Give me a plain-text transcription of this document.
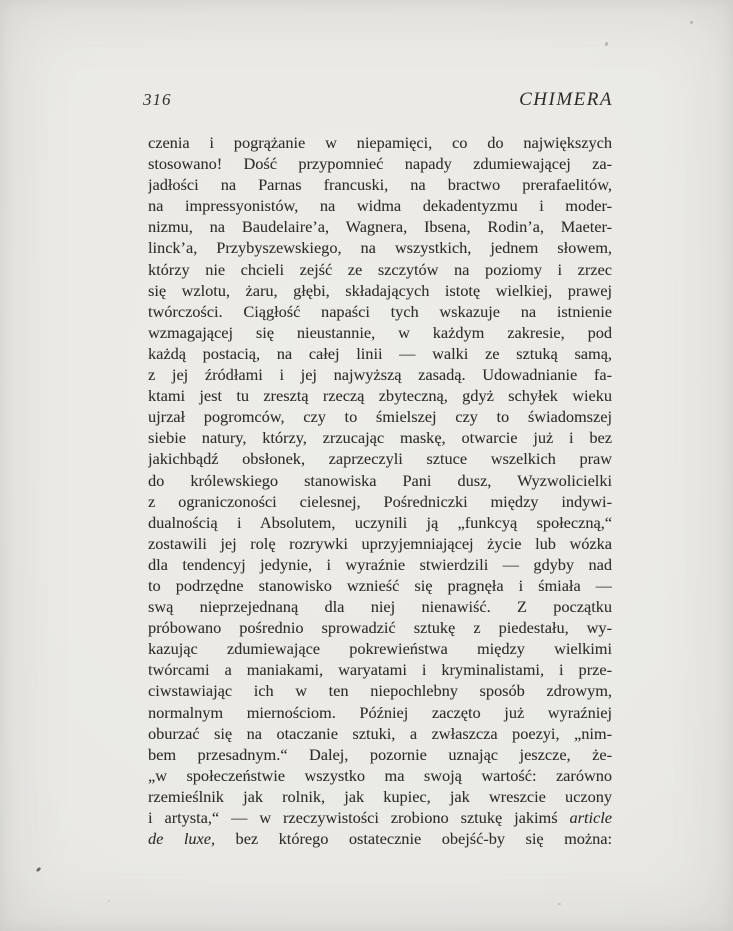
316	CHIMERA
czenia i pogrążanie w niepamięci, co do największych
stosowano! Dość przypomnieć napady zdumiewającej za-
jadłości na Parnas francuski, na bractwo prerafaelitów,
na impressyonistów, na widma dekadentyzmu i moder-
nizmu, na Baudelaire’a, Wagnera, Ibsena, Rodin’a, Maeter-
linck’a, Przybyszewskiego, na wszystkich, jednem słowem,
którzy nie chcieli zejść ze szczytów na poziomy i zrzec
się wzlotu, żaru, głębi, składających istotę wielkiej, prawej
twórczości. Ciągłość napaści tych wskazuje na istnienie
wzmagającej się nieustannie, w każdym zakresie, pod
każdą postacią, na całej linii — walki ze sztuką samą,
z jej źródłami i jej najwyższą zasadą. Udowadnianie fa-
ktami jest tu zresztą rzeczą zbyteczną, gdyż schyłek wieku
ujrzał pogromców, czy to śmielszej czy to świadomszej
siebie natury, którzy, zrzucając maskę, otwarcie już i bez
jakichbądź obsłonek, zaprzeczyli sztuce wszelkich praw
do królewskiego stanowiska Pani dusz, Wyzwolicielki
z ograniczoności cielesnej, Pośredniczki między indywi-
dualnością i Absolutem, uczynili ją „funkcyą społeczną,“
zostawili jej rolę rozrywki uprzyjemniającej życie lub wózka
dla tendencyj jedynie, i wyraźnie stwierdzili — gdyby nad
to podrzędne stanowisko wznieść się pragnęła i śmiała —
swą nieprzejednaną dla niej nienawiść. Z początku
próbowano pośrednio sprowadzić sztukę z piedestału, wy-
kazując zdumiewające pokrewieństwa między wielkimi
twórcami a maniakami, waryatami i kryminalistami, i prze-
ciwstawiając ich w ten niepochlebny sposób zdrowym,
normalnym miernościom. Później zaczęto już wyraźniej
oburzać się na otaczanie sztuki, a zwłaszcza poezyi, „nim-
bem przesadnym.“ Dalej, pozornie uznając jeszcze, że-
„w społeczeństwie wszystko ma swoją wartość: zarówno
rzemieślnik jak rolnik, jak kupiec, jak wreszcie uczony
i artysta,“ — w rzeczywistości zrobiono sztukę jakimś article
de luxe, bez którego ostatecznie obejść-by się można:
